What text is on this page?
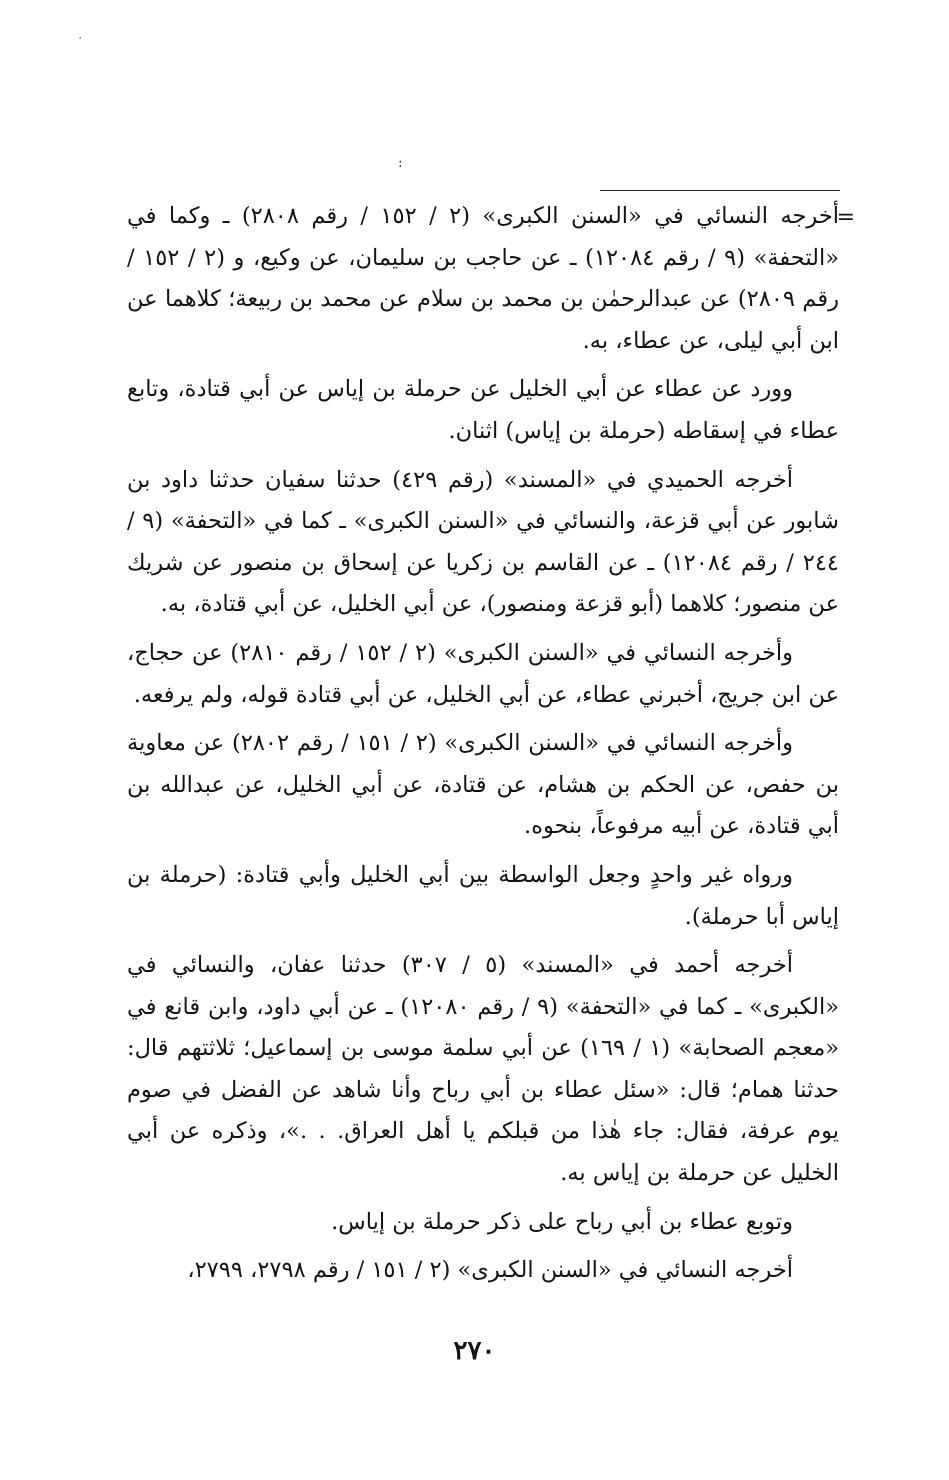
·
:
=

أخرجه النسائي في «السنن الكبرى» (٢ / ١٥٢ / رقم ٢٨٠٨) ـ وكما في «التحفة» (٩ / رقم ١٢٠٨٤) ـ عن حاجب بن سليمان، عن وكيع، و (٢ / ١٥٢ / رقم ٢٨٠٩) عن عبدالرحمٰن بن محمد بن سلام عن محمد بن ربيعة؛ كلاهما عن ابن أبي ليلى، عن عطاء، به.

وورد عن عطاء عن أبي الخليل عن حرملة بن إياس عن أبي قتادة، وتابع عطاء في إسقاطه (حرملة بن إياس) اثنان.

أخرجه الحميدي في «المسند» (رقم ٤٢٩) حدثنا سفيان حدثنا داود بن شابور عن أبي قزعة، والنسائي في «السنن الكبرى» ـ كما في «التحفة» (٩ / ٢٤٤ / رقم ١٢٠٨٤) ـ عن القاسم بن زكريا عن إسحاق بن منصور عن شريك عن منصور؛ كلاهما (أبو قزعة ومنصور)، عن أبي الخليل، عن أبي قتادة، به.

وأخرجه النسائي في «السنن الكبرى» (٢ / ١٥٢ / رقم ٢٨١٠) عن حجاج، عن ابن جريج، أخبرني عطاء، عن أبي الخليل، عن أبي قتادة قوله، ولم يرفعه.

وأخرجه النسائي في «السنن الكبرى» (٢ / ١٥١ / رقم ٢٨٠٢) عن معاوية بن حفص، عن الحكم بن هشام، عن قتادة، عن أبي الخليل، عن عبدالله بن أبي قتادة، عن أبيه مرفوعاً، بنحوه.

ورواه غير واحدٍ وجعل الواسطة بين أبي الخليل وأبي قتادة: (حرملة بن إياس أبا حرملة).

أخرجه أحمد في «المسند» (٥ / ٣٠٧) حدثنا عفان، والنسائي في «الكبرى» ـ كما في «التحفة» (٩ / رقم ١٢٠٨٠) ـ عن أبي داود، وابن قانع في «معجم الصحابة» (١ / ١٦٩) عن أبي سلمة موسى بن إسماعيل؛ ثلاثتهم قال: حدثنا همام؛ قال: «سئل عطاء بن أبي رباح وأنا شاهد عن الفضل في صوم يوم عرفة، فقال: جاء هٰذا من قبلكم يا أهل العراق. . .»، وذكره عن أبي الخليل عن حرملة بن إياس به.

وتوبع عطاء بن أبي رباح على ذكر حرملة بن إياس.

أخرجه النسائي في «السنن الكبرى» (٢ / ١٥١ / رقم ٢٧٩٨، ٢٧٩٩،

٢٧٠
